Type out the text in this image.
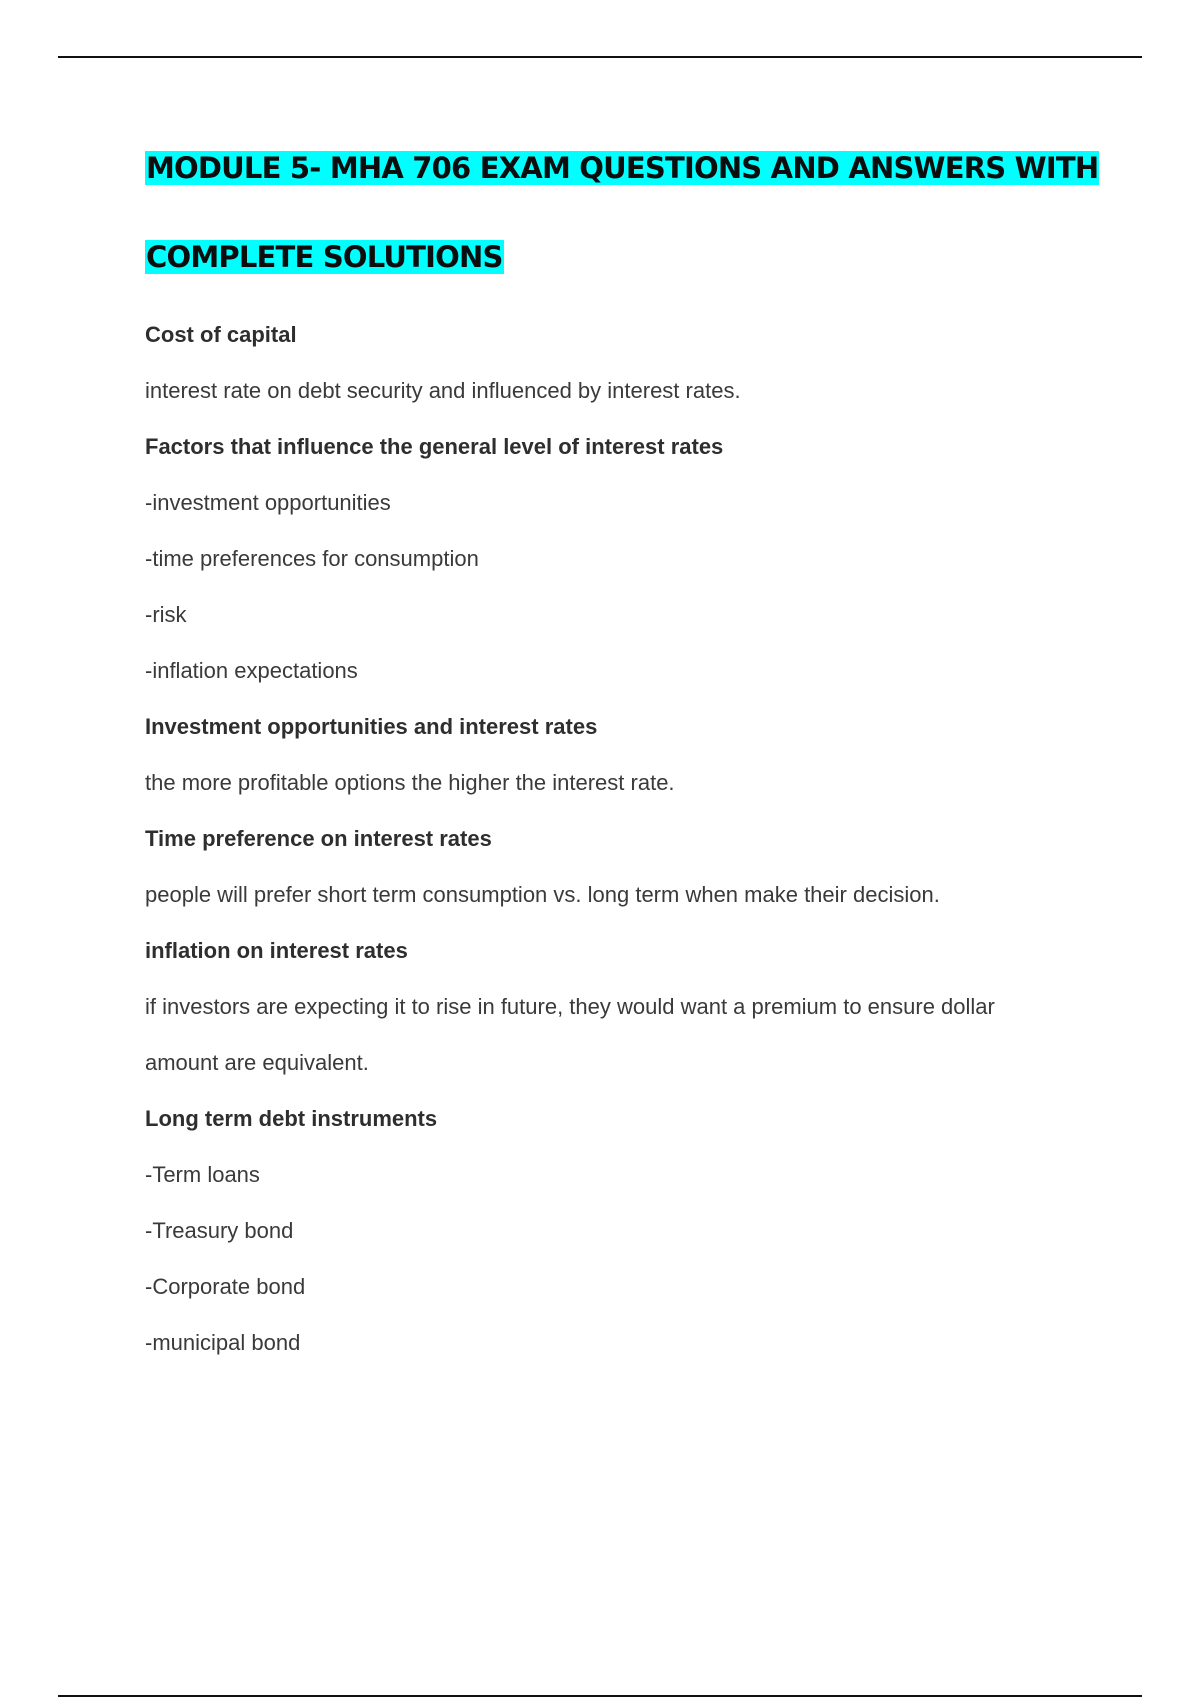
MODULE 5- MHA 706 EXAM QUESTIONS AND ANSWERS WITH
COMPLETE SOLUTIONS

Cost of capital

interest rate on debt security and influenced by interest rates.

Factors that influence the general level of interest rates

-investment opportunities

-time preferences for consumption

-risk

-inflation expectations

Investment opportunities and interest rates

the more profitable options the higher the interest rate.

Time preference on interest rates

people will prefer short term consumption vs. long term when make their decision.

inflation on interest rates

if investors are expecting it to rise in future, they would want a premium to ensure dollar

amount are equivalent.

Long term debt instruments

-Term loans

-Treasury bond

-Corporate bond

-municipal bond
